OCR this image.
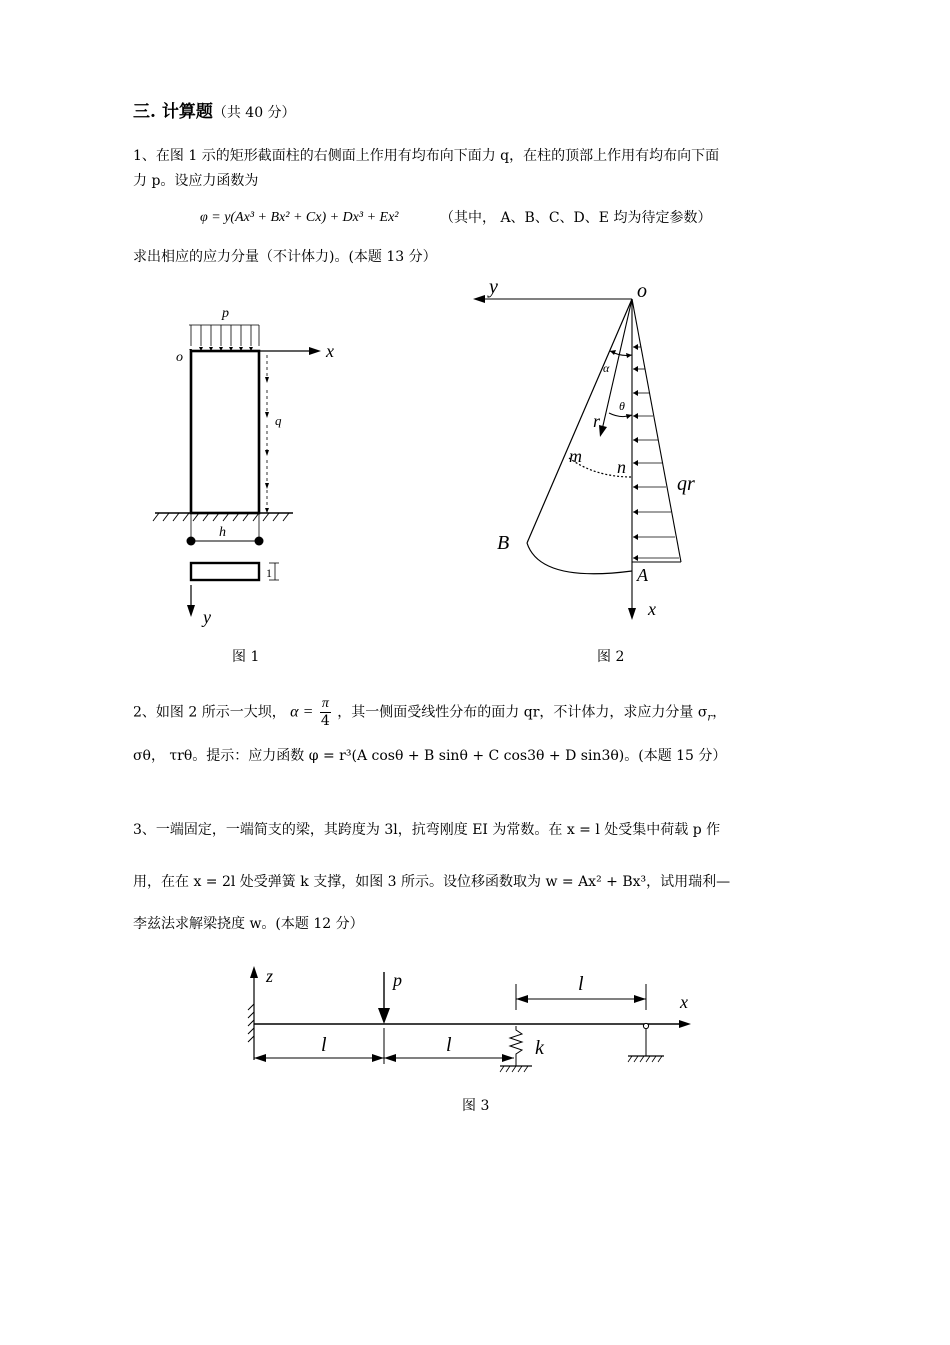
三. 计算题（共 40 分）
1、在图 1 示的矩形截面柱的右侧面上作用有均布向下面力 q，在柱的顶部上作用有均布向下面
力 p。设应力函数为
φ = y(Ax³ + Bx² + Cx) + Dx³ + Ex²	（其中， A、B、C、D、E 均为待定参数）
求出相应的应力分量（不计体力)。(本题 13 分）
p
o	x
q
h
1
y
图 1
y	o
x
qr
α
r
θ
m
n
B
A
图 2
2、如图 2 所示一大坝， $\alpha = \frac{\pi}{4}$ ，其一侧面受线性分布的面力 qr，不计体力，求应力分量 $\sigma_r$，
σθ， τrθ。提示：应力函数 φ = r³(A cosθ + B sinθ + C cos3θ + D sin3θ)。(本题 15 分）
3、一端固定，一端简支的梁，其跨度为 3l，抗弯刚度 EI 为常数。在 x = l 处受集中荷载 p 作
用，在在 x = 2l 处受弹簧 k 支撑，如图 3 所示。设位移函数取为 w = Ax² + Bx³，试用瑞利—
李兹法求解梁挠度 w。(本题 12 分）
z
x
p	l
l	l	k
图 3
